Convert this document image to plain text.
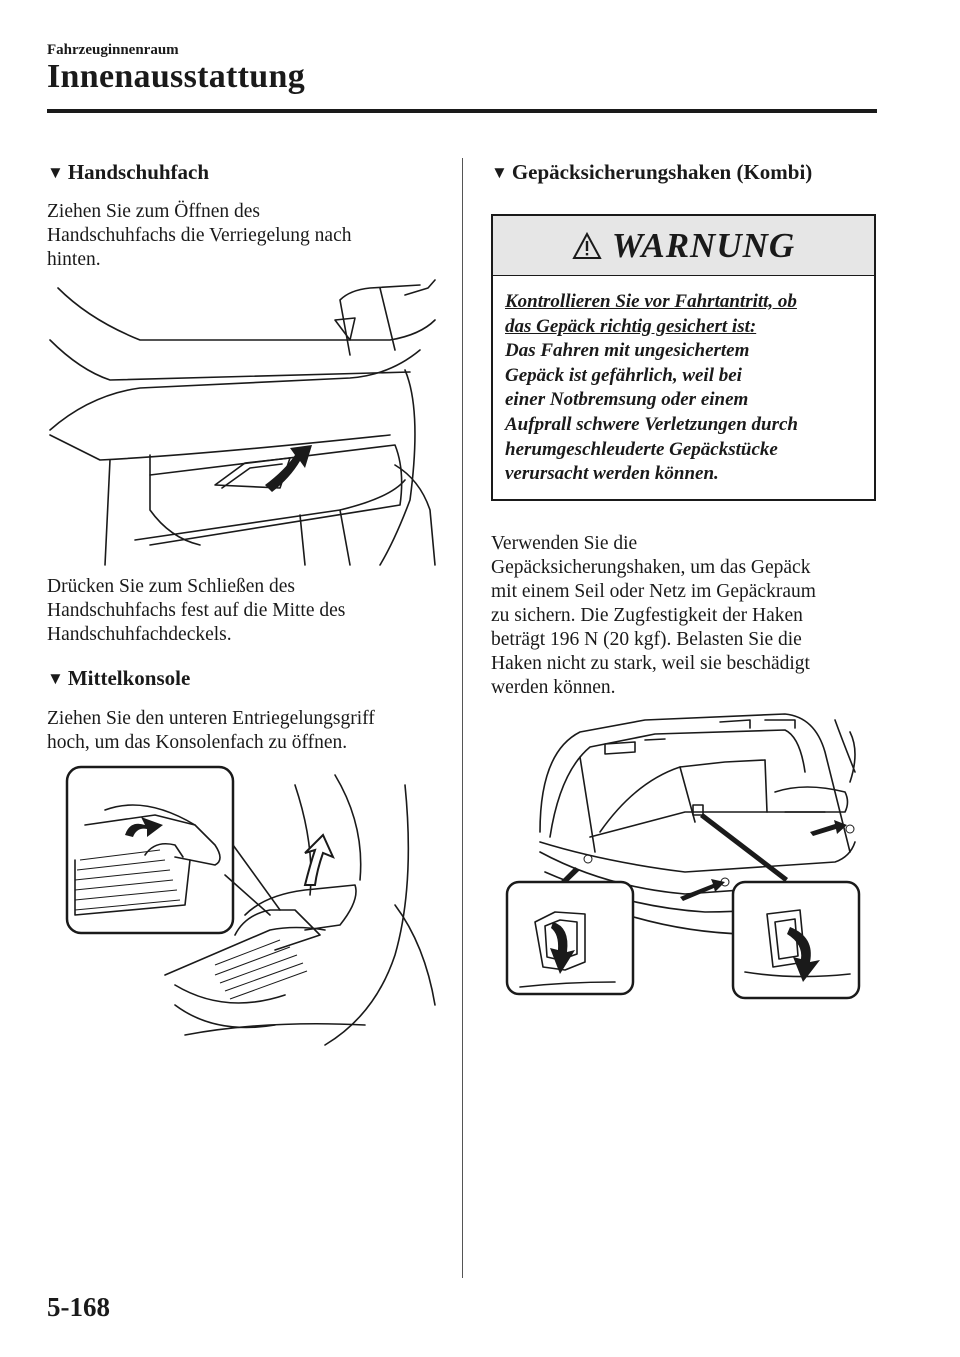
Fahrzeuginnenraum
Innenausstattung
▼ Handschuhfach

Ziehen Sie zum Öffnen des

Handschuhfachs die Verriegelung nach

hinten.

Drücken Sie zum Schließen des

Handschuhfachs fest auf die Mitte des

Handschuhfachdeckels.

▼ Mittelkonsole

Ziehen Sie den unteren Entriegelungsgriff

hoch, um das Konsolenfach zu öffnen.

▼ Gepäcksicherungshaken (Kombi)
WARNUNG
Kontrollieren Sie vor Fahrtantritt, ob
das Gepäck richtig gesichert ist:
Das Fahren mit ungesichertem
Gepäck ist gefährlich, weil bei
einer Notbremsung oder einem
Aufprall schwere Verletzungen durch
herumgeschleuderte Gepäckstücke
verursacht werden können.

Verwenden Sie die

Gepäcksicherungshaken, um das Gepäck

mit einem Seil oder Netz im Gepäckraum

zu sichern. Die Zugfestigkeit der Haken

beträgt 196 N (20 kgf). Belasten Sie die

Haken nicht zu stark, weil sie beschädigt

werden können.

5-168
